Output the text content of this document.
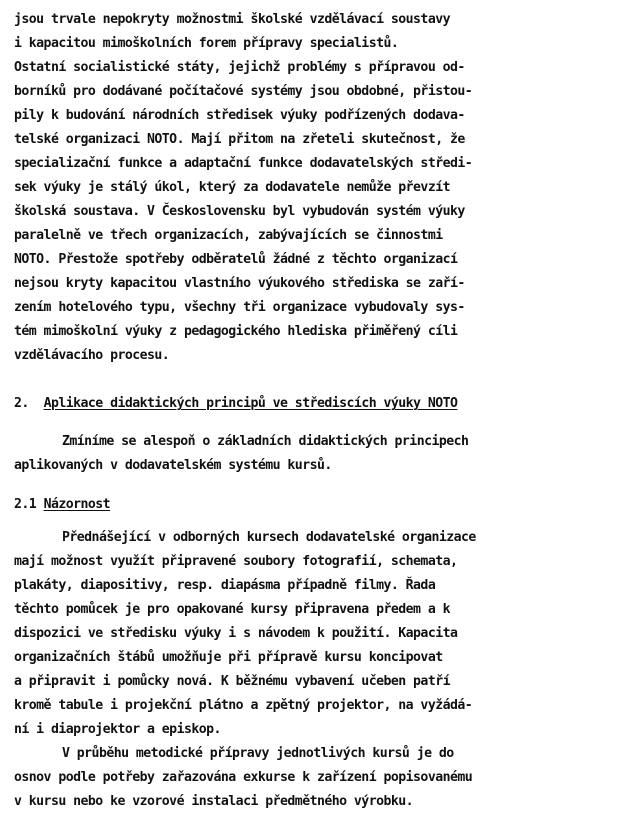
jsou trvale nepokryty možnostmi školské vzdělávací soustavy
i kapacitou mimoškolních forem přípravy specialistů.
Ostatní socialistické státy, jejichž problémy s přípravou od-
borníků pro dodávané počítačové systémy jsou obdobné, přistou-
pily k budování národních středisek výuky podřízených dodava-
telské organizaci NOTO. Mají přitom na zřeteli skutečnost, že
specializační funkce a adaptační funkce dodavatelských středi-
sek výuky je stálý úkol, který za dodavatele nemůže převzít
školská soustava. V Československu byl vybudován systém výuky
paralelně ve třech organizacích, zabývajících se činnostmi
NOTO. Přestože spotřeby odběratelů žádné z těchto organizací
nejsou kryty kapacitou vlastního výukového střediska se zaří-
zením hotelového typu, všechny tři organizace vybudovaly sys-
tém mimoškolní výuky z pedagogického hlediska přiměřený cíli
vzdělávacího procesu.
2. Aplikace didaktických principů ve střediscích výuky NOTO
Zmíníme se alespoň o základních didaktických principech
aplikovaných v dodavatelském systému kursů.
2.1 Názornost
Přednášející v odborných kursech dodavatelské organizace
mají možnost využít připravené soubory fotografií, schemata,
plakáty, diapositivy, resp. diapásma případně filmy. Řada
těchto pomůcek je pro opakované kursy připravena předem a k
dispozici ve středisku výuky i s návodem k použití. Kapacita
organizačních štábů umožňuje při přípravě kursu koncipovat
a připravit i pomůcky nová. K běžnému vybavení učeben patří
kromě tabule i projekční plátno a zpětný projektor, na vyžádá-
ní i diaprojektor a episkop.
V průběhu metodické přípravy jednotlivých kursů je do
osnov podle potřeby zařazována exkurse k zařízení popisovanému
v kursu nebo ke vzorové instalaci předmětného výrobku.
